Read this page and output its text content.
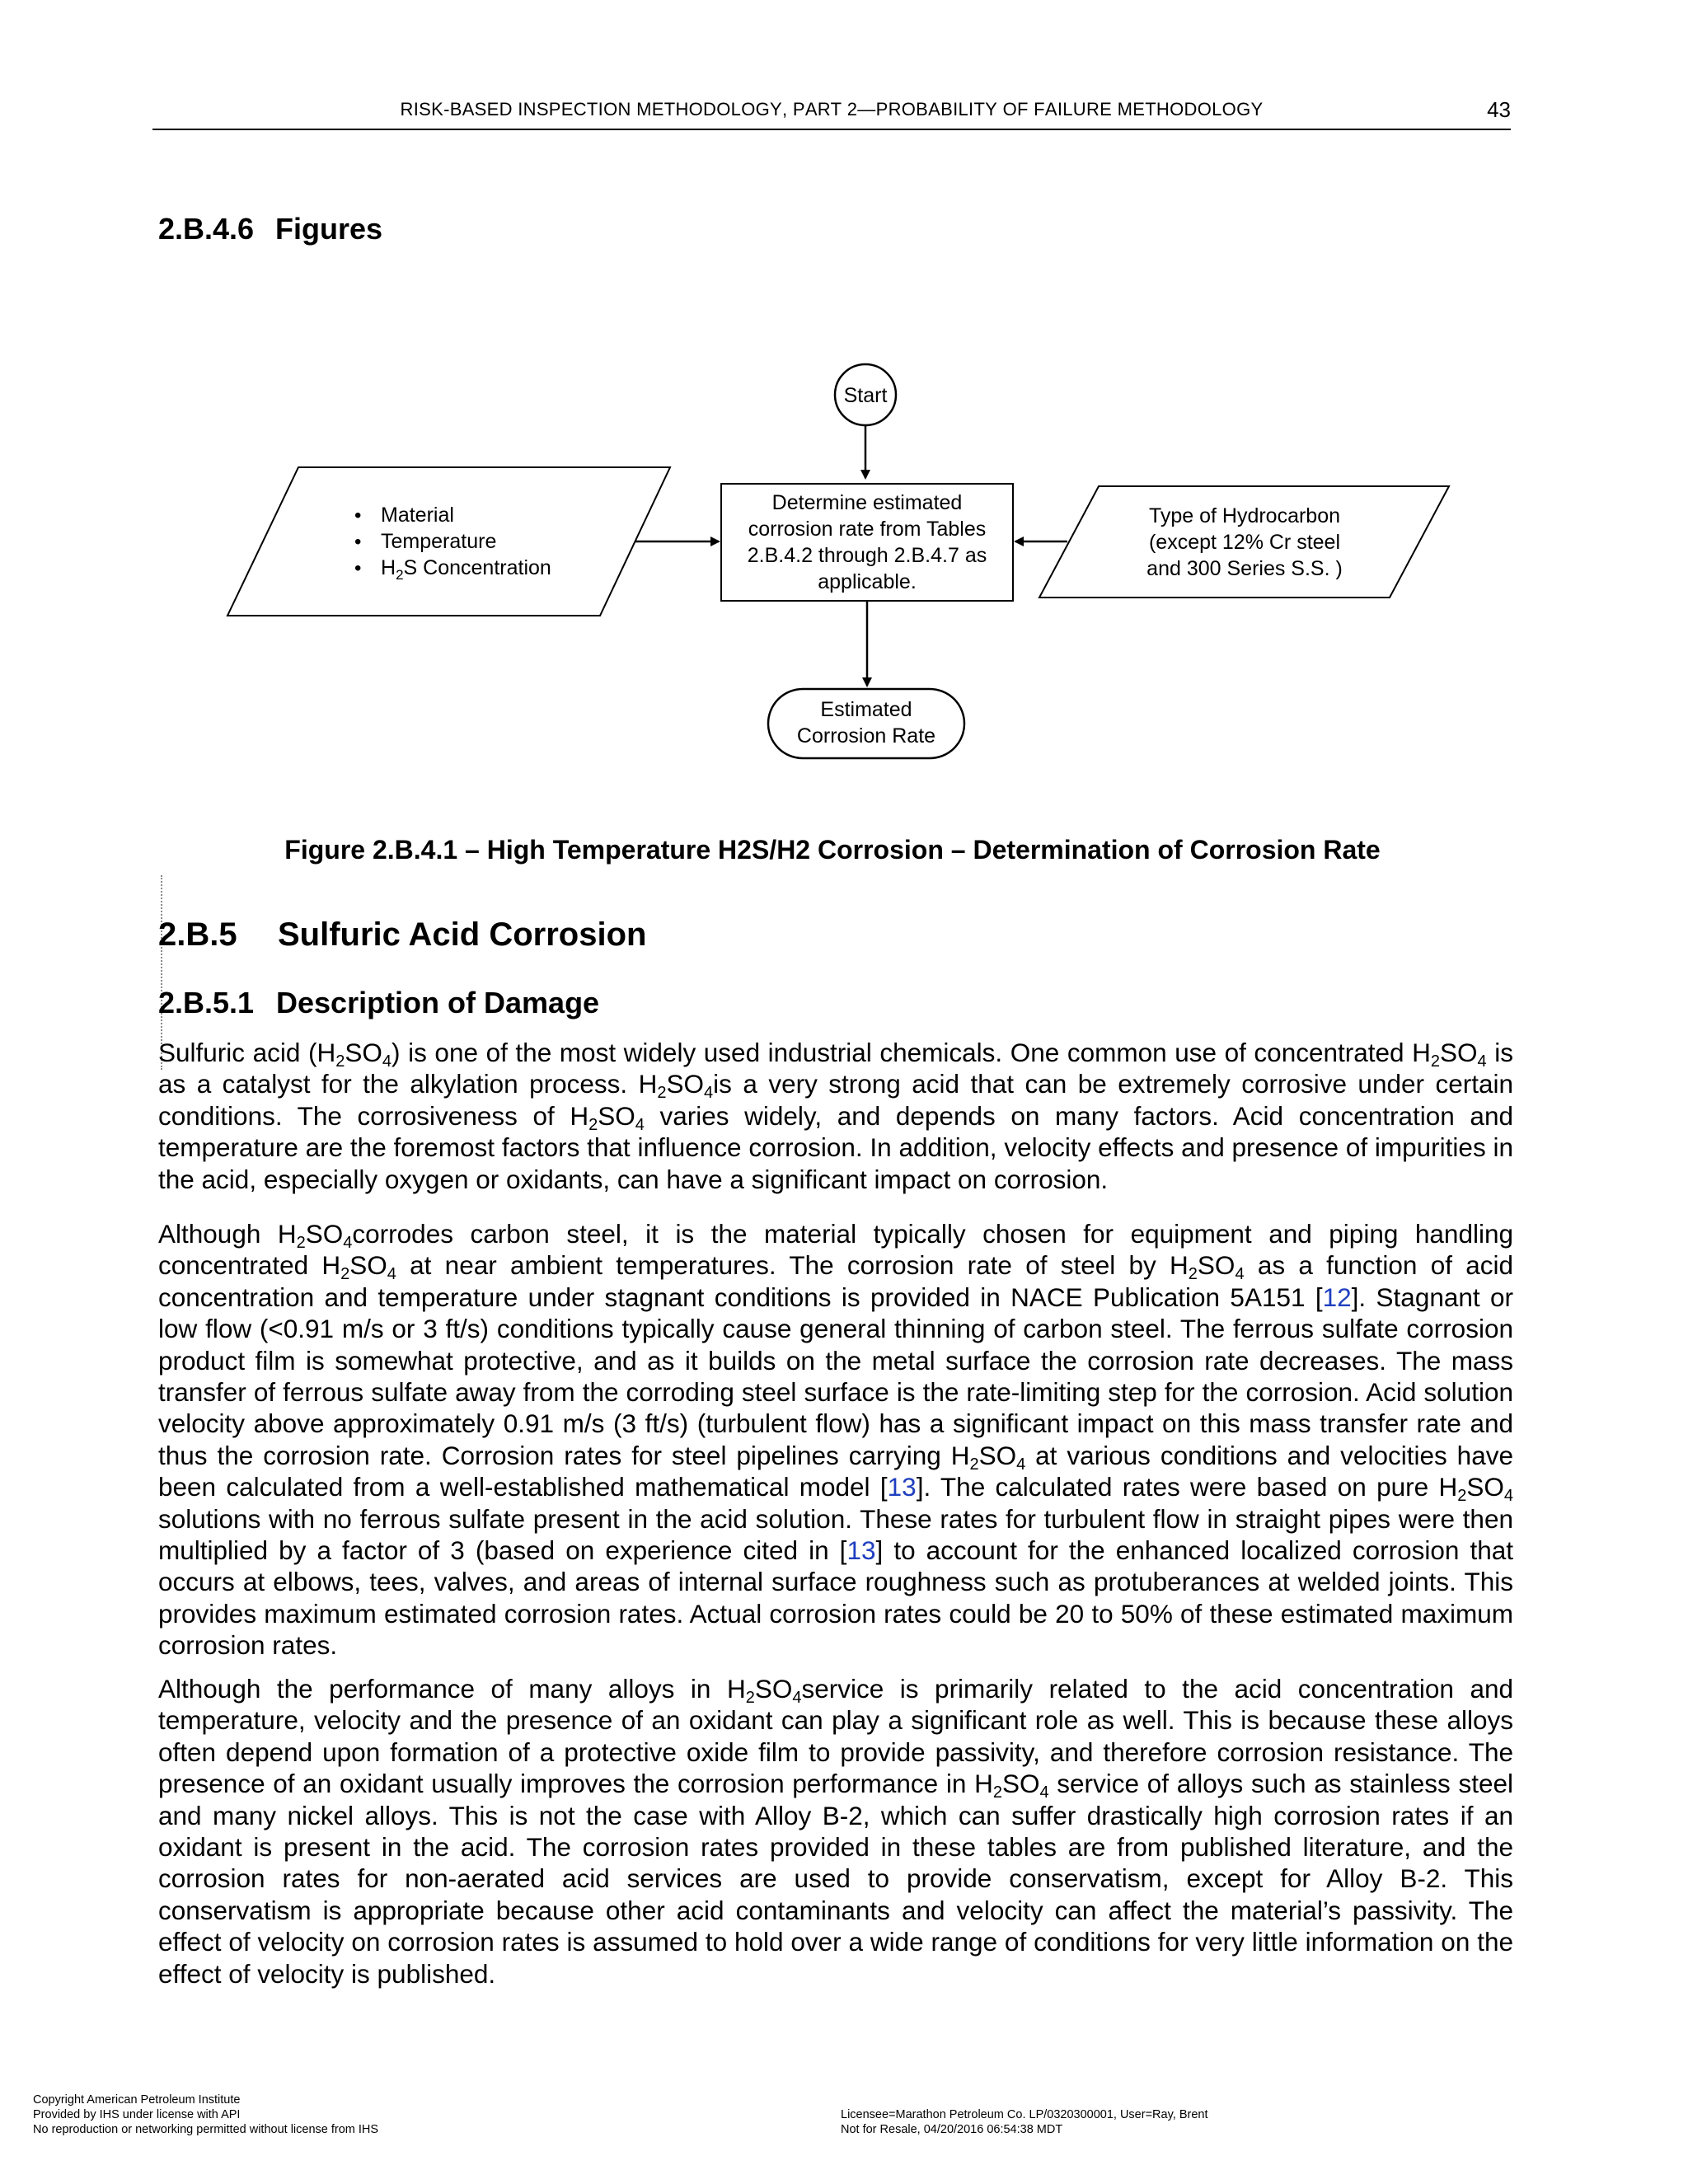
RISK-BASED INSPECTION METHODOLOGY, PART 2—PROBABILITY OF FAILURE METHODOLOGY	43
2.B.4.6 Figures
Start
• Material
• Temperature
• $H_2S$ Concentration
Determine estimated
corrosion rate from Tables
2.B.4.2 through 2.B.4.7 as
applicable.
Type of Hydrocarbon
(except 12% Cr steel
and 300 Series S.S. )
Estimated
Corrosion Rate
Figure 2.B.4.1 – High Temperature H2S/H2 Corrosion – Determination of Corrosion Rate
2.B.5 Sulfuric Acid Corrosion
2.B.5.1 Description of Damage

Sulfuric acid $(H_2SO_4)$ is one of the most widely used industrial chemicals. One common use of concentrated $H_2SO_4$ is as a catalyst for the alkylation process. $H_2SO_4is$ a very strong acid that can be extremely corrosive under certain conditions. The corrosiveness of $H_2SO_4$ varies widely, and depends on many factors. Acid concentration and temperature are the foremost factors that influence corrosion. In addition, velocity effects and presence of impurities in the acid, especially oxygen or oxidants, can have a significant impact on corrosion.

Although $H_2SO_4corrodes$ carbon steel, it is the material typically chosen for equipment and piping handling concentrated $H_2SO_4$ at near ambient temperatures. The corrosion rate of steel by $H_2SO_4$ as a function of acid concentration and temperature under stagnant conditions is provided in NACE Publication 5A151 [12]. Stagnant or low flow (<0.91 m/s or 3 ft/s) conditions typically cause general thinning of carbon steel. The ferrous sulfate corrosion product film is somewhat protective, and as it builds on the metal surface the corrosion rate decreases. The mass transfer of ferrous sulfate away from the corroding steel surface is the rate-limiting step for the corrosion. Acid solution velocity above approximately 0.91 m/s (3 ft/s) (turbulent flow) has a significant impact on this mass transfer rate and thus the corrosion rate. Corrosion rates for steel pipelines carrying $H_2SO_4$ at various conditions and velocities have been calculated from a well-established mathematical model [13]. The calculated rates were based on pure $H_2SO_4$ solutions with no ferrous sulfate present in the acid solution. These rates for turbulent flow in straight pipes were then multiplied by a factor of 3 (based on experience cited in [13] to account for the enhanced localized corrosion that occurs at elbows, tees, valves, and areas of internal surface roughness such as protuberances at welded joints. This provides maximum estimated corrosion rates. Actual corrosion rates could be 20 to 50% of these estimated maximum corrosion rates.

Although the performance of many alloys in $H_2SO_4service$ is primarily related to the acid concentration and temperature, velocity and the presence of an oxidant can play a significant role as well. This is because these alloys often depend upon formation of a protective oxide film to provide passivity, and therefore corrosion resistance. The presence of an oxidant usually improves the corrosion performance in $H_2SO_4$ service of alloys such as stainless steel and many nickel alloys. This is not the case with Alloy B-2, which can suffer drastically high corrosion rates if an oxidant is present in the acid. The corrosion rates provided in these tables are from published literature, and the corrosion rates for non-aerated acid services are used to provide conservatism, except for Alloy B-2. This conservatism is appropriate because other acid contaminants and velocity can affect the material’s passivity. The effect of velocity on corrosion rates is assumed to hold over a wide range of conditions for very little information on the effect of velocity is published.

Copyright American Petroleum Institute
Provided by IHS under license with API
No reproduction or networking permitted without license from IHS
Licensee=Marathon Petroleum Co. LP/0320300001, User=Ray, Brent
Not for Resale, 04/20/2016 06:54:38 MDT
